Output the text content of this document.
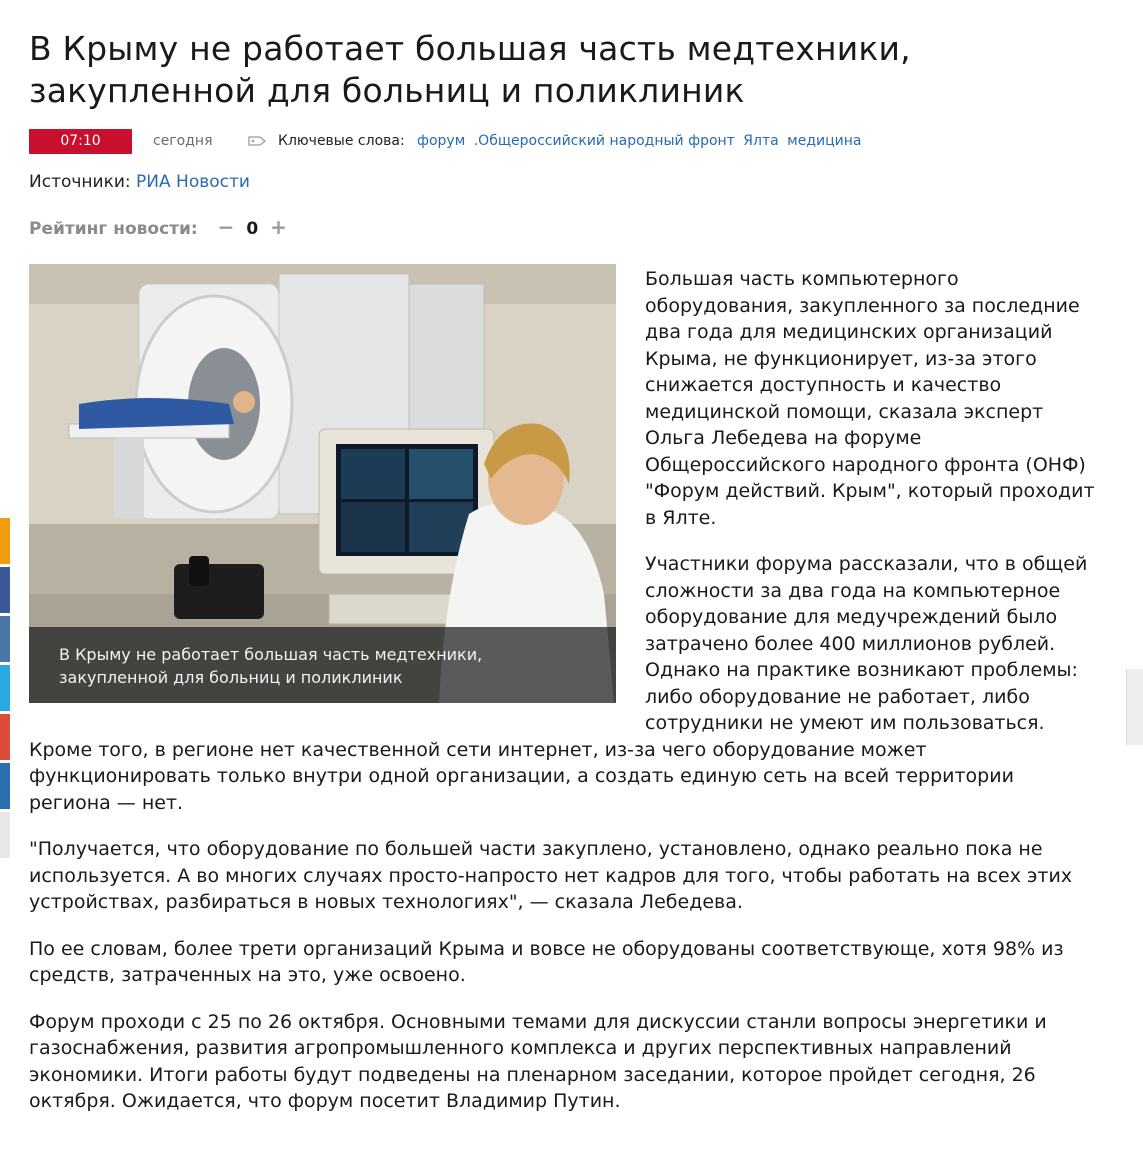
В Крыму не работает большая часть медтехники, закупленной для больниц и поликлиник
07:10	сегодня	Ключевые слова: форум .Общероссийский народный фронт Ялта медицина
Источники: РИА Новости
Рейтинг новости: − 0 +
В Крыму не работает большая часть медтехники, закупленной для больниц и поликлиник

Большая часть компьютерного оборудования, закупленного за последние два года для медицинских организаций Крыма, не функционирует, из-за этого снижается доступность и качество медицинской помощи, сказала эксперт Ольга Лебедева на форуме Общероссийского народного фронта (ОНФ) "Форум действий. Крым", который проходит в Ялте.

Участники форума рассказали, что в общей сложности за два года на компьютерное оборудование для медучреждений было затрачено более 400 миллионов рублей. Однако на практике возникают проблемы: либо оборудование не работает, либо сотрудники не умеют им пользоваться. Кроме того, в регионе нет качественной сети интернет, из-за чего оборудование может функционировать только внутри одной организации, а создать единую сеть на всей территории региона — нет.

"Получается, что оборудование по большей части закуплено, установлено, однако реально пока не используется. А во многих случаях просто-напросто нет кадров для того, чтобы работать на всех этих устройствах, разбираться в новых технологиях", — сказала Лебедева.

По ее словам, более трети организаций Крыма и вовсе не оборудованы соответствующе, хотя 98% из средств, затраченных на это, уже освоено.

Форум проходи с 25 по 26 октября. Основными темами для дискуссии станли вопросы энергетики и газоснабжения, развития агропромышленного комплекса и других перспективных направлений экономики. Итоги работы будут подведены на пленарном заседании, которое пройдет сегодня, 26 октября. Ожидается, что форум посетит Владимир Путин.
